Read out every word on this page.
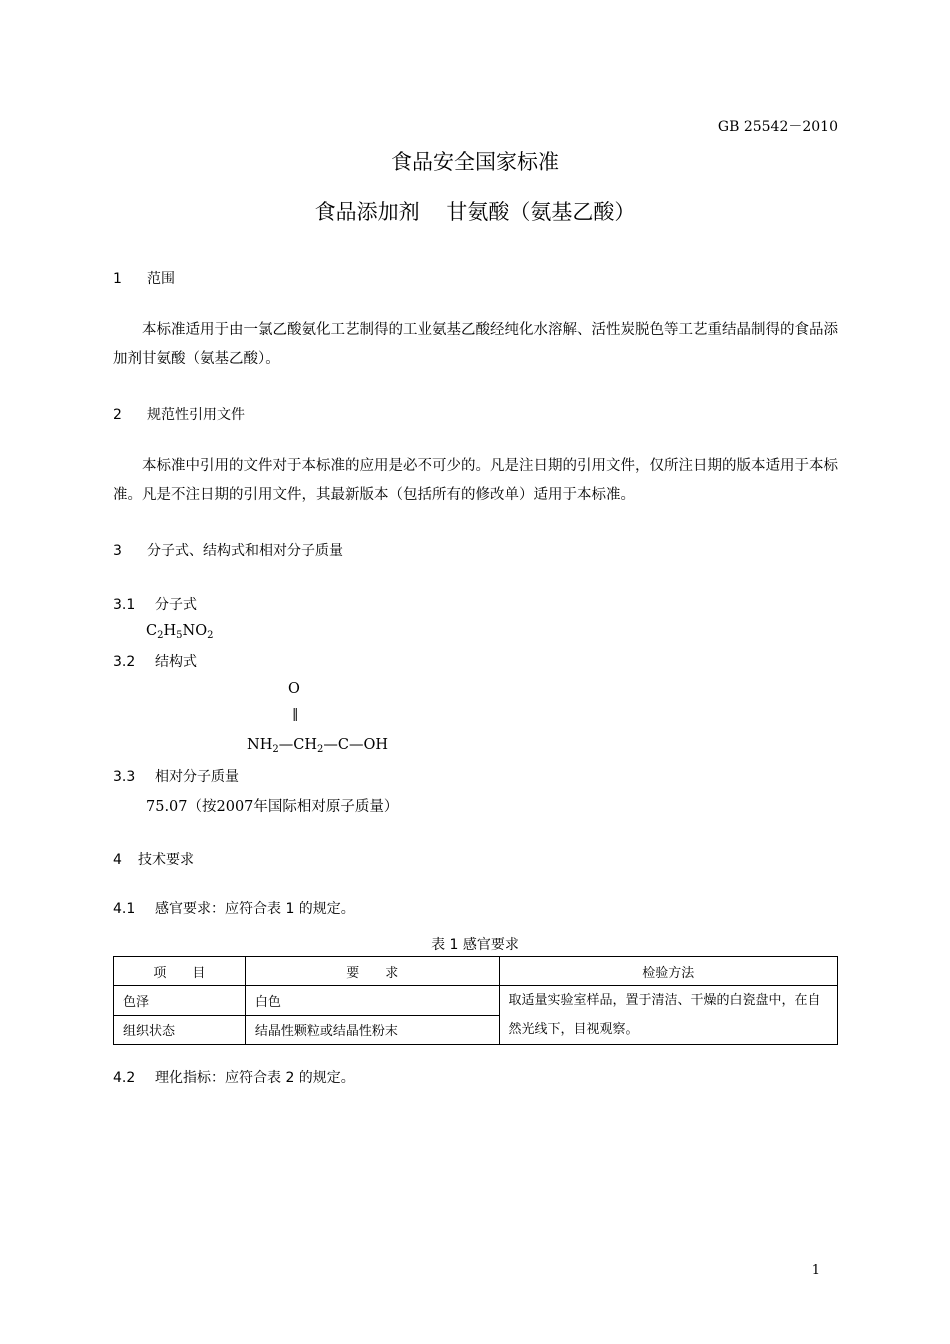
GB 25542－2010
食品安全国家标准
食品添加剂    甘氨酸（氨基乙酸）
1 范围
本标准适用于由一氯乙酸氨化工艺制得的工业氨基乙酸经纯化水溶解、活性炭脱色等工艺重结晶制得的食品添加剂甘氨酸（氨基乙酸）。
2 规范性引用文件
本标准中引用的文件对于本标准的应用是必不可少的。凡是注日期的引用文件，仅所注日期的版本适用于本标准。凡是不注日期的引用文件，其最新版本（包括所有的修改单）适用于本标准。
3 分子式、结构式和相对分子质量
3.1 分子式
$C_2H_5NO_2$
3.2 结构式
O
‖
$NH_2—CH_2—C—OH$
3.3 相对分子质量
75.07（按2007年国际相对原子质量）
4 技术要求
4.1 感官要求：应符合表 1 的规定。
表 1 感官要求
项　　目	要　　求	检验方法
色泽	白色	取适量实验室样品，置于清洁、干燥的白瓷盘中，在自然光线下，目视观察。
组织状态	结晶性颗粒或结晶性粉末	
4.2 理化指标：应符合表 2 的规定。
1
